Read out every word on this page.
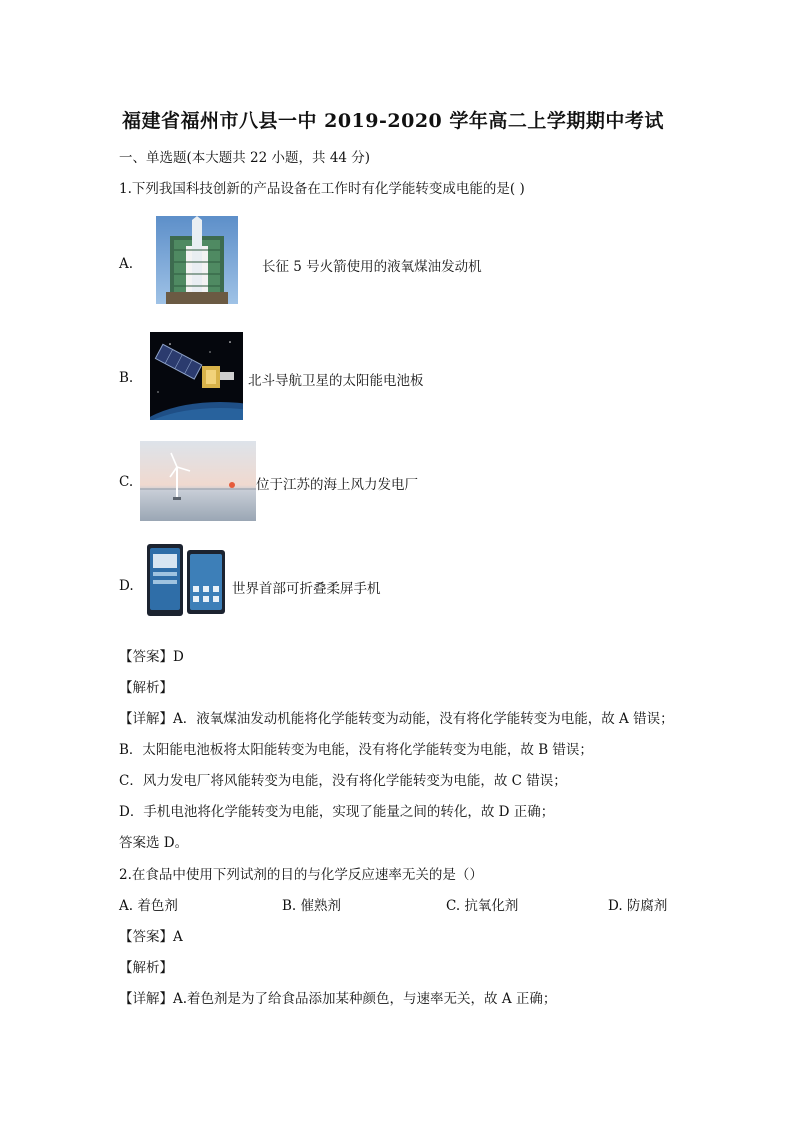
福建省福州市八县一中 2019-2020 学年高二上学期期中考试
一、单选题(本大题共 22 小题，共 44 分)
1.下列我国科技创新的产品设备在工作时有化学能转变成电能的是( )
A.	长征 5 号火箭使用的液氧煤油发动机
B.	北斗导航卫星的太阳能电池板
C.	位于江苏的海上风力发电厂
D.	世界首部可折叠柔屏手机
【答案】D
【解析】
【详解】A．液氧煤油发动机能将化学能转变为动能，没有将化学能转变为电能，故 A 错误；
B．太阳能电池板将太阳能转变为电能，没有将化学能转变为电能，故 B 错误；
C．风力发电厂将风能转变为电能，没有将化学能转变为电能，故 C 错误；
D．手机电池将化学能转变为电能，实现了能量之间的转化，故 D 正确；
答案选 D。
2.在食品中使用下列试剂的目的与化学反应速率无关的是（）
A. 着色剂	B. 催熟剂	C. 抗氧化剂	D. 防腐剂
【答案】A
【解析】
【详解】A.着色剂是为了给食品添加某种颜色，与速率无关，故 A 正确；
